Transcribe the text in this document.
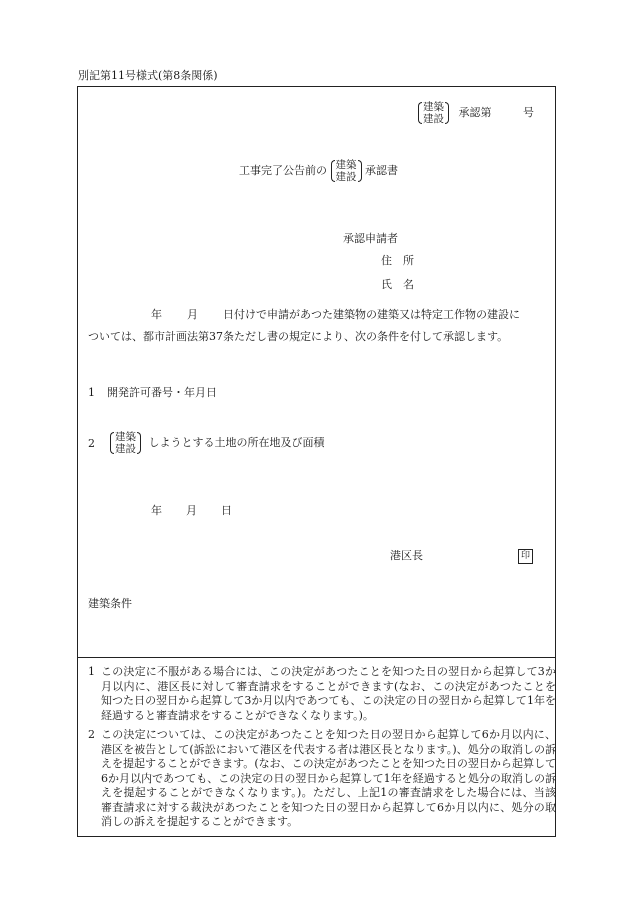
別記第11号様式(第8条関係)
建築
建設 承認第	号
工事完了公告前の 建築
建設 承認書
承認申請者
住　所
氏　名
年 月 日付けで申請があつた建築物の建築又は特定工作物の建設に
ついては、都市計画法第37条ただし書の規定により、次の条件を付して承認します。
1 開発許可番号・年月日
2 建築
建設 しようとする土地の所在地及び面積
年 月 日
港区長	印
建築条件
1 この決定に不服がある場合には、この決定があつたことを知つた日の翌日から起算して3か月以内に、港区長に対して審査請求をすることができます(なお、この決定があつたことを知つた日の翌日から起算して3か月以内であつても、この決定の日の翌日から起算して1年を経過すると審査請求をすることができなくなります。)。
2 この決定については、この決定があつたことを知つた日の翌日から起算して6か月以内に、港区を被告として(訴訟において港区を代表する者は港区長となります。)、処分の取消しの訴えを提起することができます。(なお、この決定があつたことを知つた日の翌日から起算して6か月以内であつても、この決定の日の翌日から起算して1年を経過すると処分の取消しの訴えを提起することができなくなります。)。ただし、上記1の審査請求をした場合には、当該審査請求に対する裁決があつたことを知つた日の翌日から起算して6か月以内に、処分の取消しの訴えを提起することができます。
